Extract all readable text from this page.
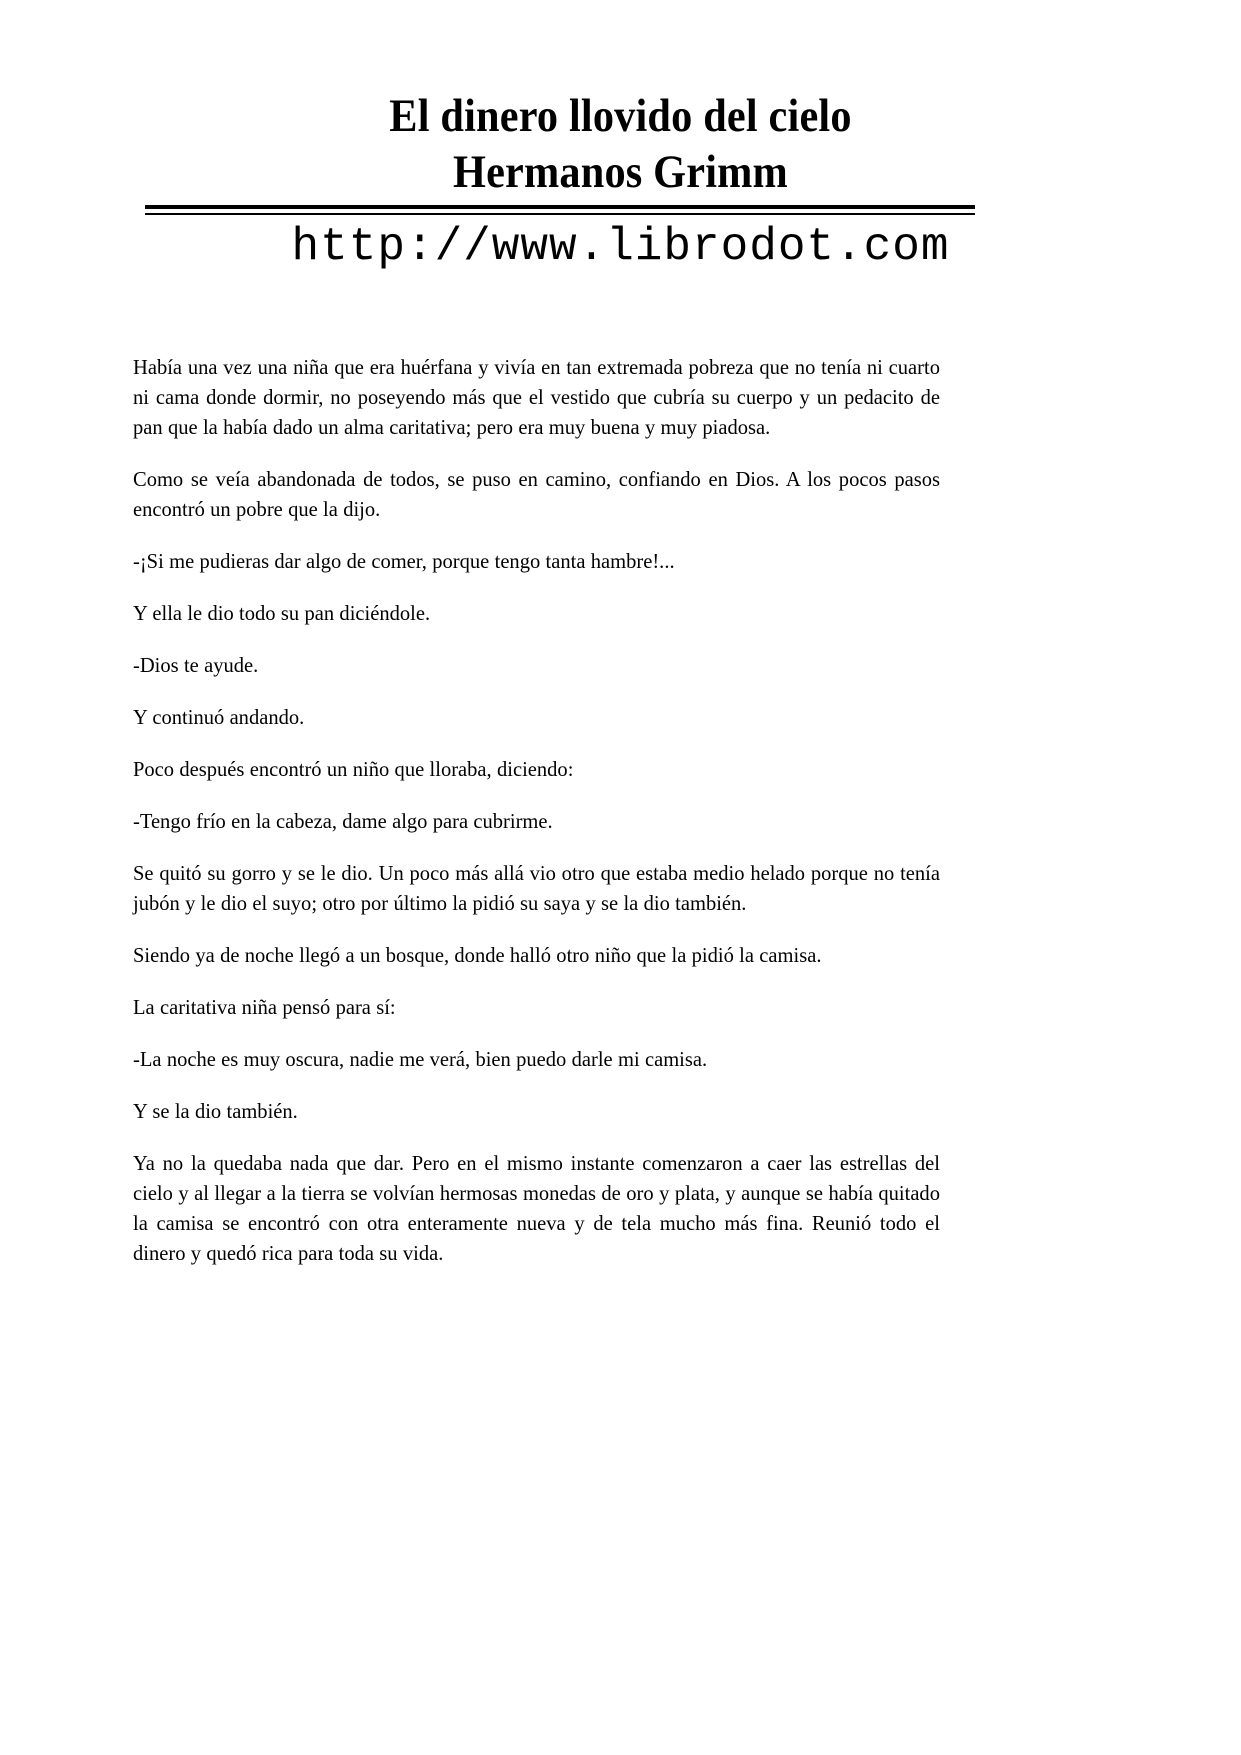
El dinero llovido del cielo
Hermanos Grimm
http://www.librodot.com

Había una vez una niña que era huérfana y vivía en tan extremada pobreza que no tenía ni cuarto ni cama donde dormir, no poseyendo más que el vestido que cubría su cuerpo y un pedacito de pan que la había dado un alma caritativa; pero era muy buena y muy piadosa.

Como se veía abandonada de todos, se puso en camino, confiando en Dios. A los pocos pasos encontró un pobre que la dijo.

-¡Si me pudieras dar algo de comer, porque tengo tanta hambre!...

Y ella le dio todo su pan diciéndole.

-Dios te ayude.

Y continuó andando.

Poco después encontró un niño que lloraba, diciendo:

-Tengo frío en la cabeza, dame algo para cubrirme.

Se quitó su gorro y se le dio. Un poco más allá vio otro que estaba medio helado porque no tenía jubón y le dio el suyo; otro por último la pidió su saya y se la dio también.

Siendo ya de noche llegó a un bosque, donde halló otro niño que la pidió la camisa.

La caritativa niña pensó para sí:

-La noche es muy oscura, nadie me verá, bien puedo darle mi camisa.

Y se la dio también.

Ya no la quedaba nada que dar. Pero en el mismo instante comenzaron a caer las estrellas del cielo y al llegar a la tierra se volvían hermosas monedas de oro y plata, y aunque se había quitado la camisa se encontró con otra enteramente nueva y de tela mucho más fina. Reunió todo el dinero y quedó rica para toda su vida.
